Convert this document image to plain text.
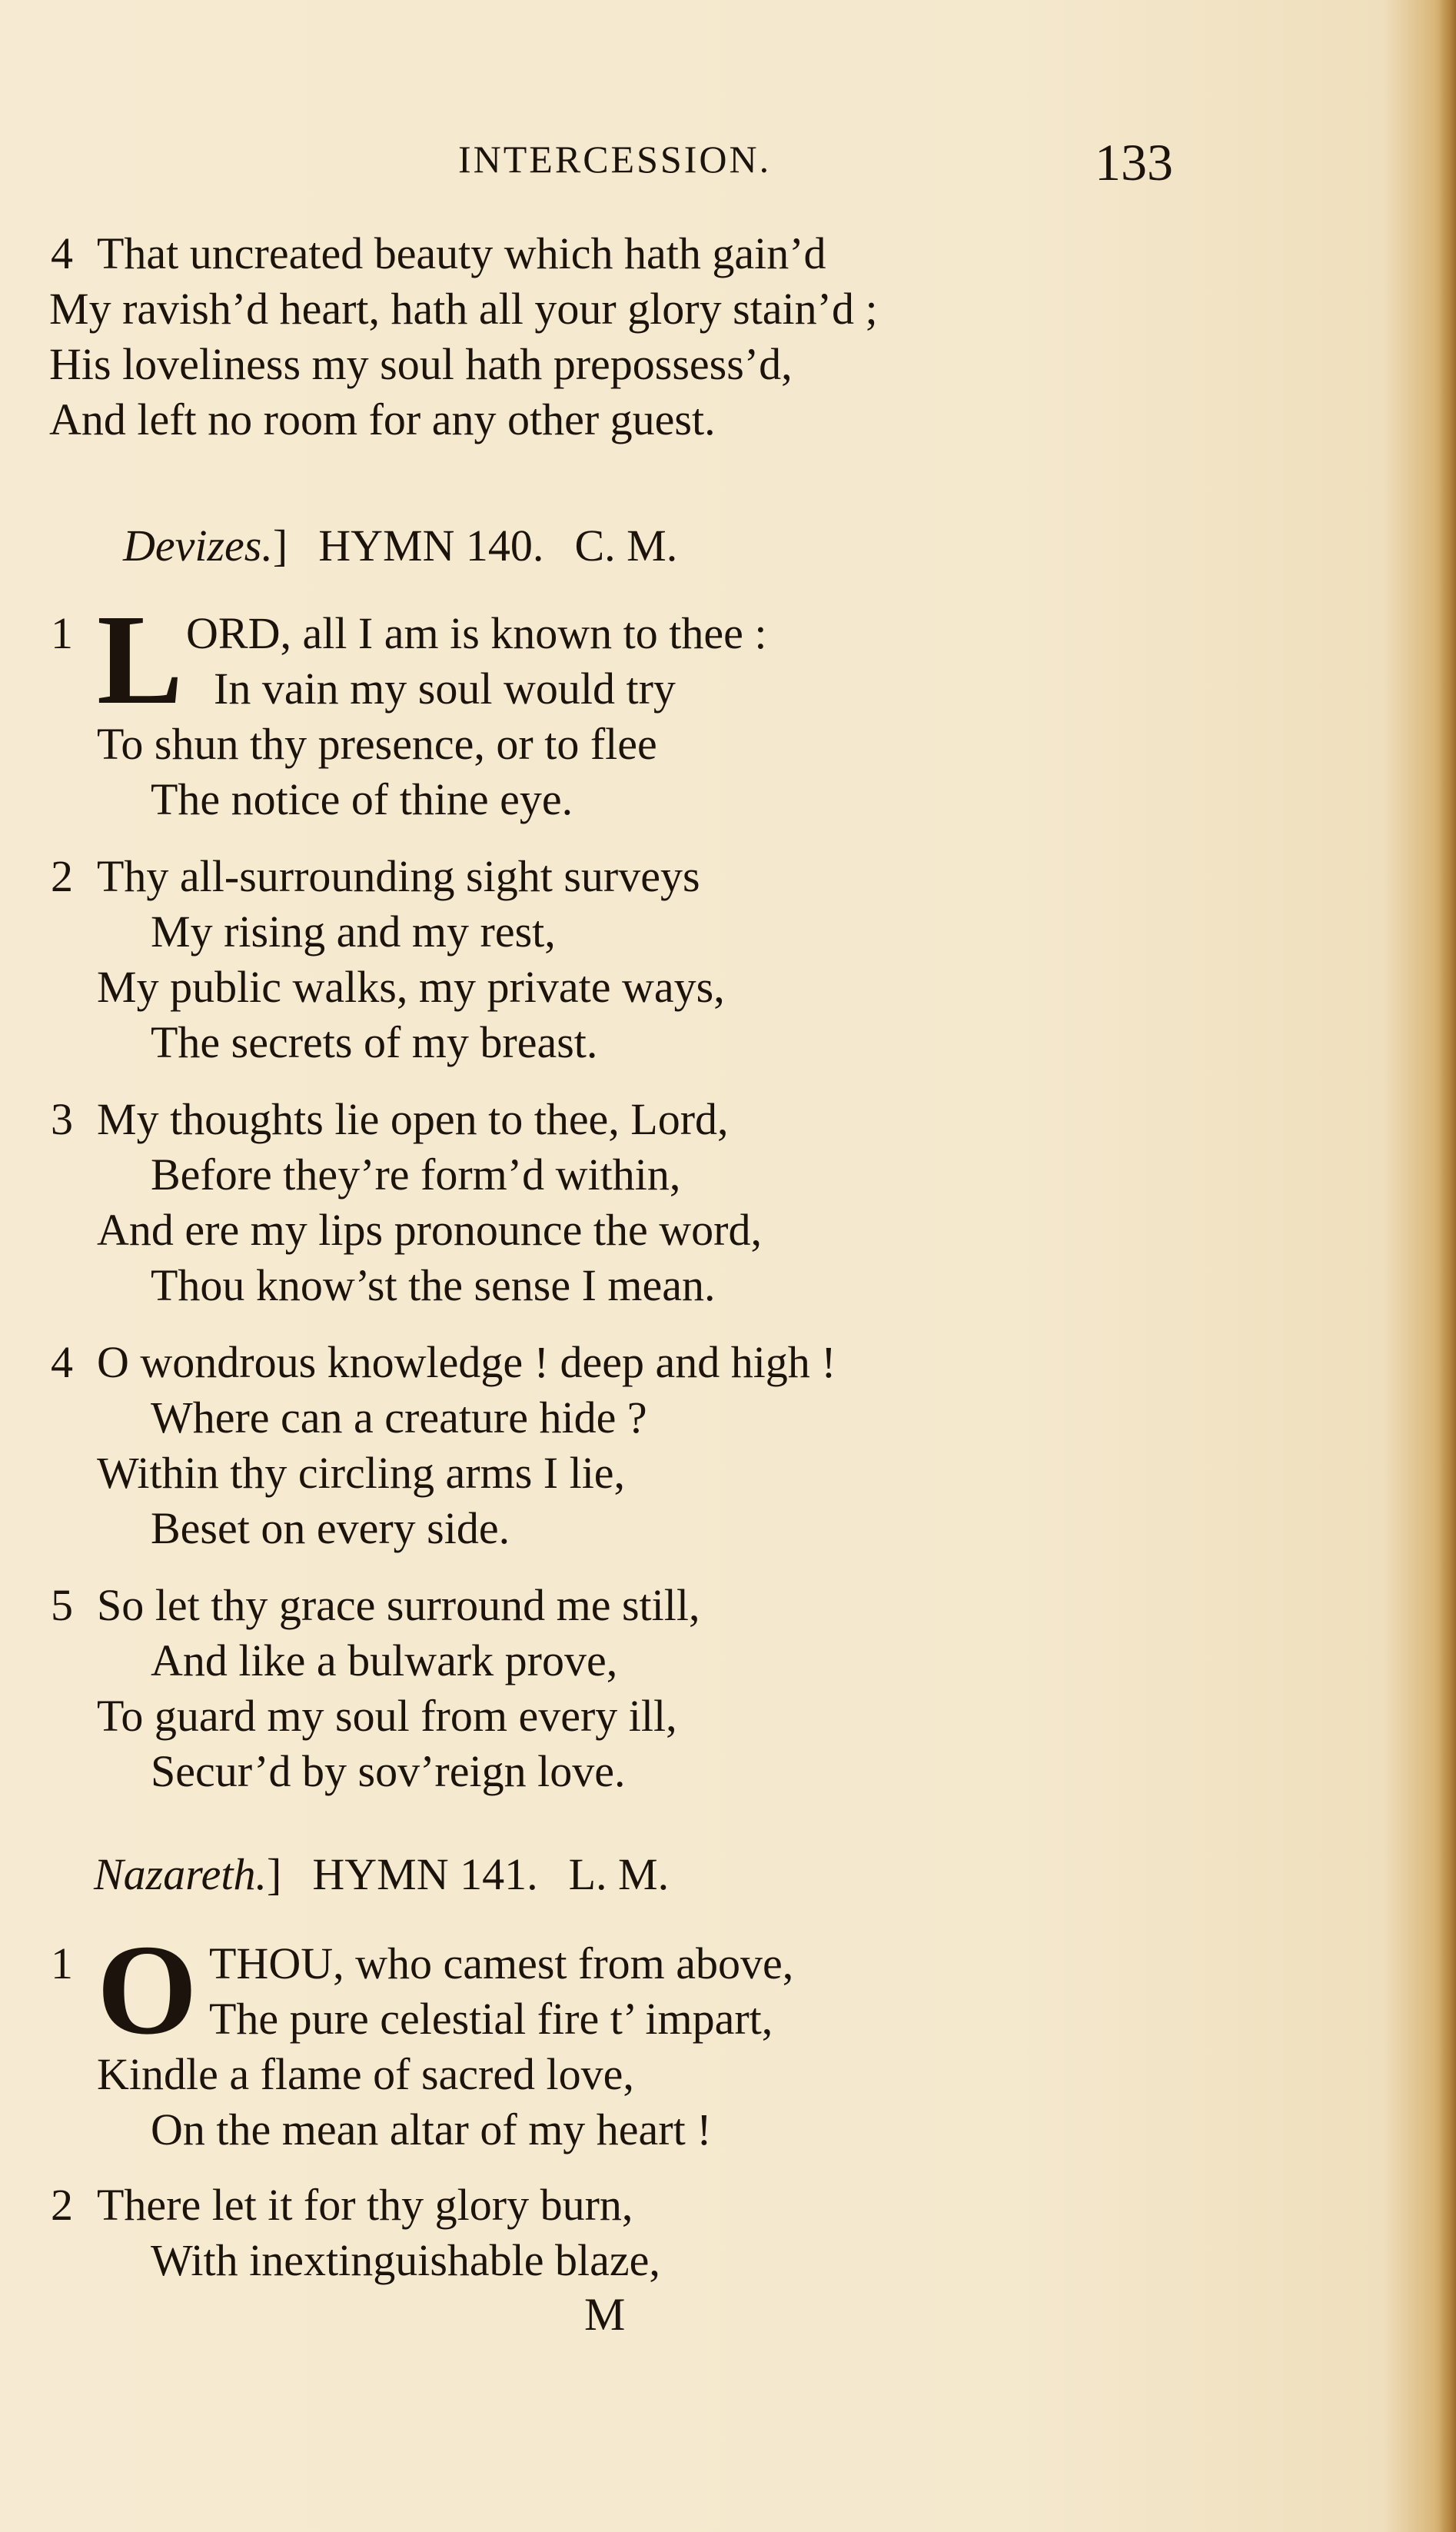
INTERCESSION.	133
4 That uncreated beauty which hath gain’d
My ravish’d heart, hath all your glory stain’d ;
His loveliness my soul hath prepossess’d,
And left no room for any other guest.
Devizes.] HYMN 140. C. M.
1 L ORD, all I am is known to thee :
In vain my soul would try
To shun thy presence, or to flee
The notice of thine eye.
2 Thy all-surrounding sight surveys
My rising and my rest,
My public walks, my private ways,
The secrets of my breast.
3 My thoughts lie open to thee, Lord,
Before they’re form’d within,
And ere my lips pronounce the word,
Thou know’st the sense I mean.
4 O wondrous knowledge ! deep and high !
Where can a creature hide ?
Within thy circling arms I lie,
Beset on every side.
5 So let thy grace surround me still,
And like a bulwark prove,
To guard my soul from every ill,
Secur’d by sov’reign love.
Nazareth.] HYMN 141. L. M.
1 O THOU, who camest from above,
The pure celestial fire t’ impart,
Kindle a flame of sacred love,
On the mean altar of my heart !
2 There let it for thy glory burn,
With inextinguishable blaze,
M
